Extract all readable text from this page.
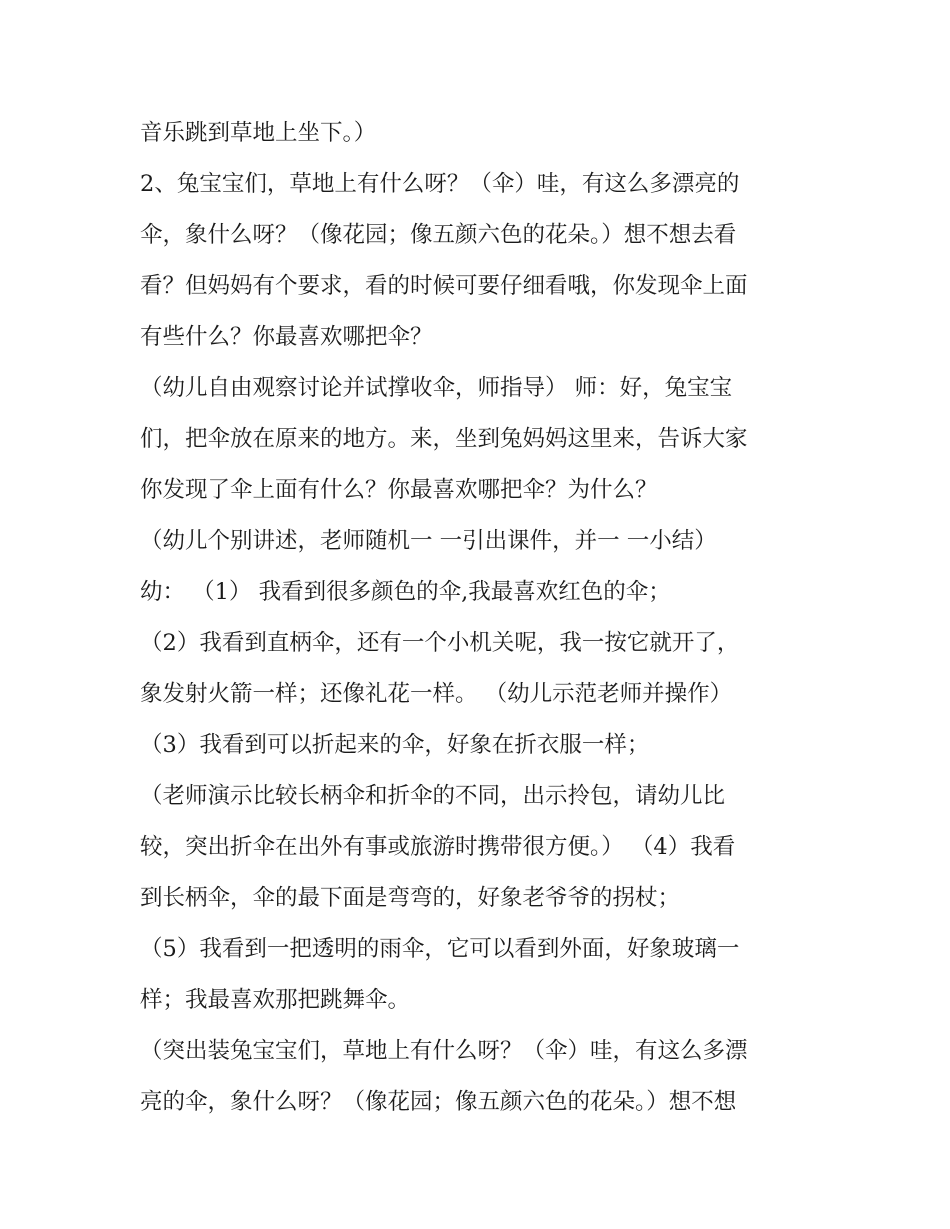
音乐跳到草地上坐下。）

2、兔宝宝们，草地上有什么呀？（伞）哇，有这么多漂亮的

伞，象什么呀？（像花园；像五颜六色的花朵。）想不想去看

看？但妈妈有个要求，看的时候可要仔细看哦，你发现伞上面

有些什么？你最喜欢哪把伞？

（幼儿自由观察讨论并试撑收伞，师指导） 师：好，兔宝宝

们，把伞放在原来的地方。来，坐到兔妈妈这里来，告诉大家

你发现了伞上面有什么？你最喜欢哪把伞？为什么？

（幼儿个别讲述，老师随机一 一引出课件，并一 一小结）

幼： （1） 我看到很多颜色的伞,我最喜欢红色的伞；

（2）我看到直柄伞，还有一个小机关呢，我一按它就开了，

象发射火箭一样；还像礼花一样。 （幼儿示范老师并操作）

（3）我看到可以折起来的伞，好象在折衣服一样；

（老师演示比较长柄伞和折伞的不同，出示拎包，请幼儿比

较，突出折伞在出外有事或旅游时携带很方便。） （4）我看

到长柄伞，伞的最下面是弯弯的，好象老爷爷的拐杖；

（5）我看到一把透明的雨伞，它可以看到外面，好象玻璃一

样；我最喜欢那把跳舞伞。

（突出装兔宝宝们，草地上有什么呀？（伞）哇，有这么多漂

亮的伞，象什么呀？（像花园；像五颜六色的花朵。）想不想
